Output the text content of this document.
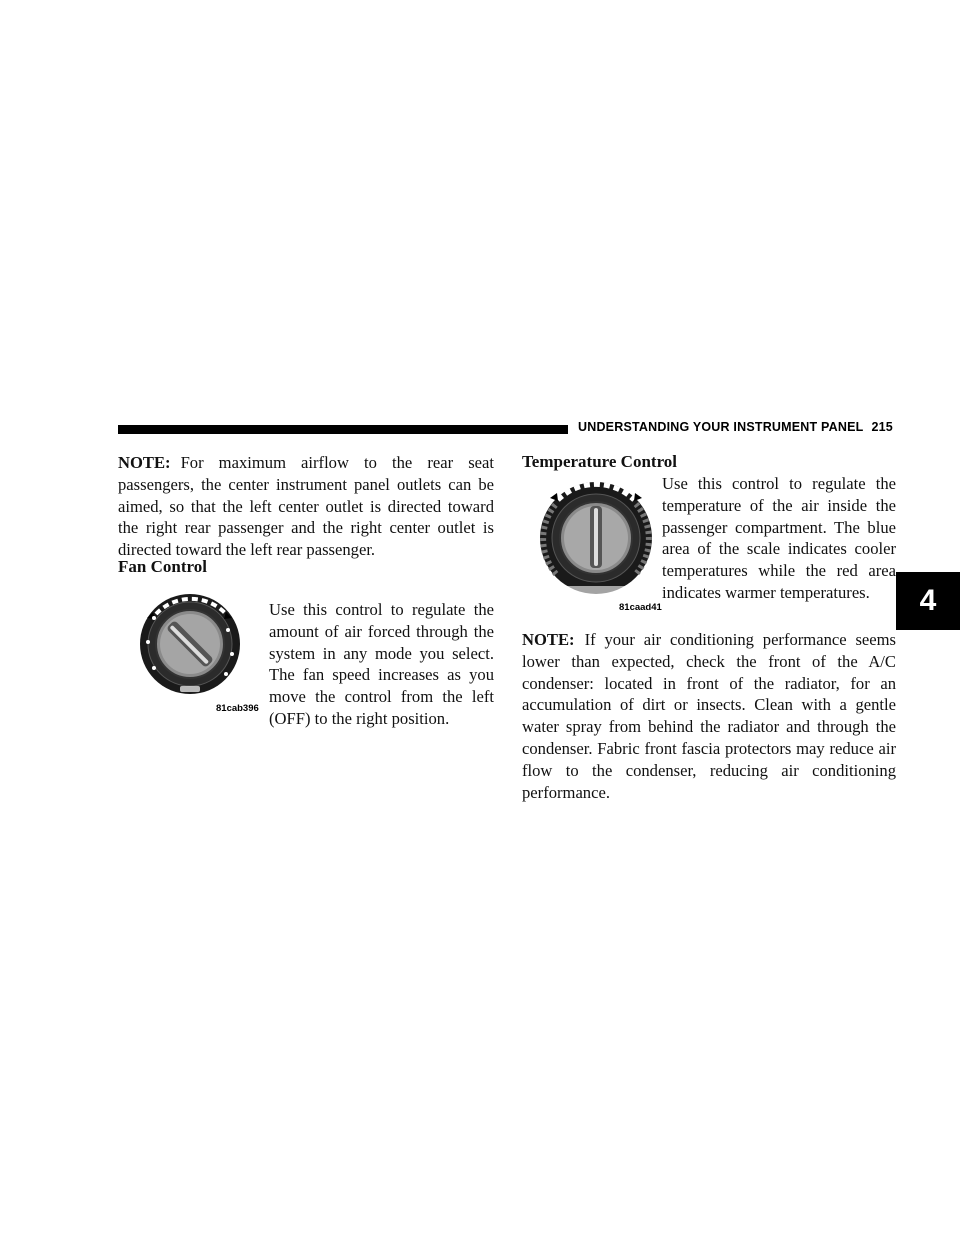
UNDERSTANDING YOUR INSTRUMENT PANEL 215
4
NOTE: For maximum airflow to the rear seat passengers, the center instrument panel outlets can be aimed, so that the left center outlet is directed toward the right rear passenger and the right center outlet is directed toward the left rear passenger.
Fan Control
81cab396
Use this control to regulate the amount of air forced through the system in any mode you select. The fan speed increases as you move the control from the left (OFF) to the right position.
Temperature Control
81caad41
Use this control to regulate the temperature of the air inside the passenger compartment. The blue area of the scale indicates cooler temperatures while the red area indicates warmer temperatures.
NOTE: If your air conditioning performance seems lower than expected, check the front of the A/C condenser: located in front of the radiator, for an accumulation of dirt or insects. Clean with a gentle water spray from behind the radiator and through the condenser. Fabric front fascia protectors may reduce air flow to the condenser, reducing air conditioning performance.
